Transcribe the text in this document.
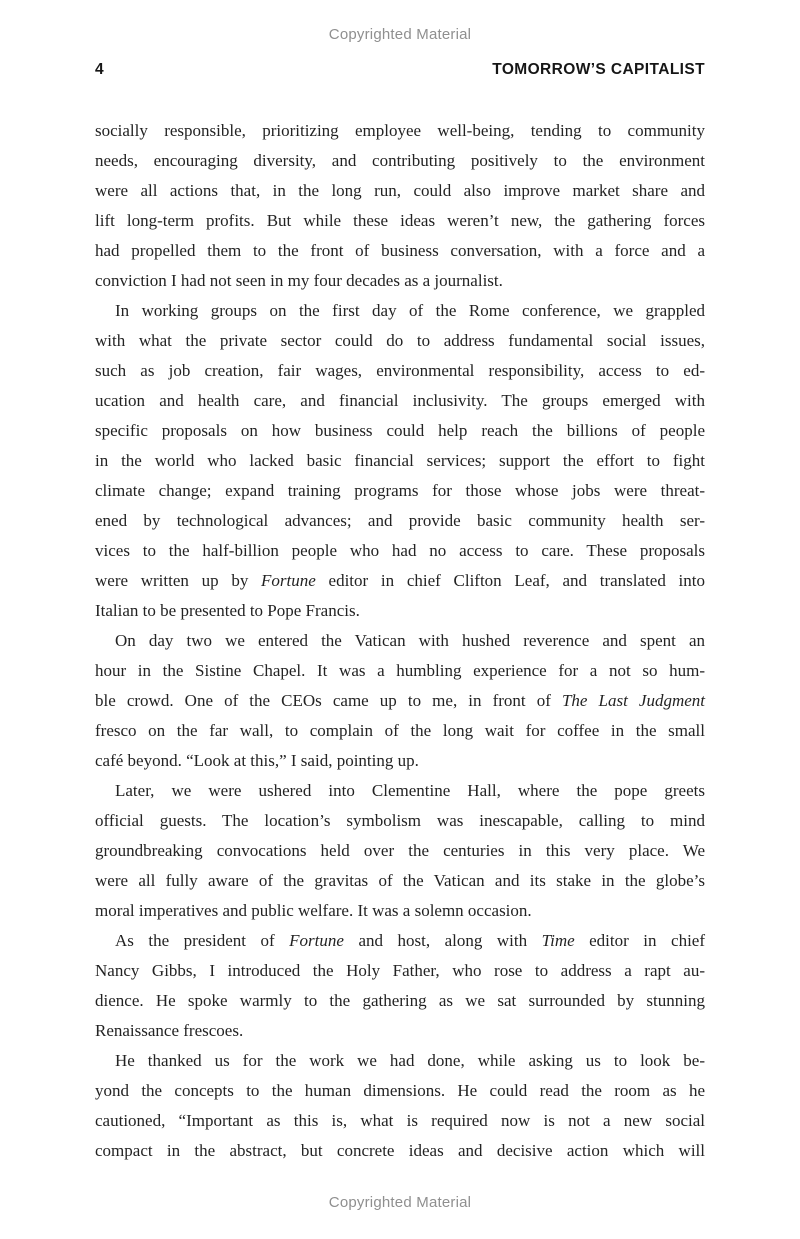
Copyrighted Material
4	TOMORROW’S CAPITALIST
socially responsible, prioritizing employee well-being, tending to community
needs, encouraging diversity, and contributing positively to the environment
were all actions that, in the long run, could also improve market share and
lift long-term profits. But while these ideas weren’t new, the gathering forces
had propelled them to the front of business conversation, with a force and a
conviction I had not seen in my four decades as a journalist.
In working groups on the first day of the Rome conference, we grappled
with what the private sector could do to address fundamental social issues,
such as job creation, fair wages, environmental responsibility, access to ed-
ucation and health care, and financial inclusivity. The groups emerged with
specific proposals on how business could help reach the billions of people
in the world who lacked basic financial services; support the effort to fight
climate change; expand training programs for those whose jobs were threat-
ened by technological advances; and provide basic community health ser-
vices to the half-billion people who had no access to care. These proposals
were written up by Fortune editor in chief Clifton Leaf, and translated into
Italian to be presented to Pope Francis.
On day two we entered the Vatican with hushed reverence and spent an
hour in the Sistine Chapel. It was a humbling experience for a not so hum-
ble crowd. One of the CEOs came up to me, in front of The Last Judgment
fresco on the far wall, to complain of the long wait for coffee in the small
café beyond. “Look at this,” I said, pointing up.
Later, we were ushered into Clementine Hall, where the pope greets
official guests. The location’s symbolism was inescapable, calling to mind
groundbreaking convocations held over the centuries in this very place. We
were all fully aware of the gravitas of the Vatican and its stake in the globe’s
moral imperatives and public welfare. It was a solemn occasion.
As the president of Fortune and host, along with Time editor in chief
Nancy Gibbs, I introduced the Holy Father, who rose to address a rapt au-
dience. He spoke warmly to the gathering as we sat surrounded by stunning
Renaissance frescoes.
He thanked us for the work we had done, while asking us to look be-
yond the concepts to the human dimensions. He could read the room as he
cautioned, “Important as this is, what is required now is not a new social
compact in the abstract, but concrete ideas and decisive action which will
Copyrighted Material
